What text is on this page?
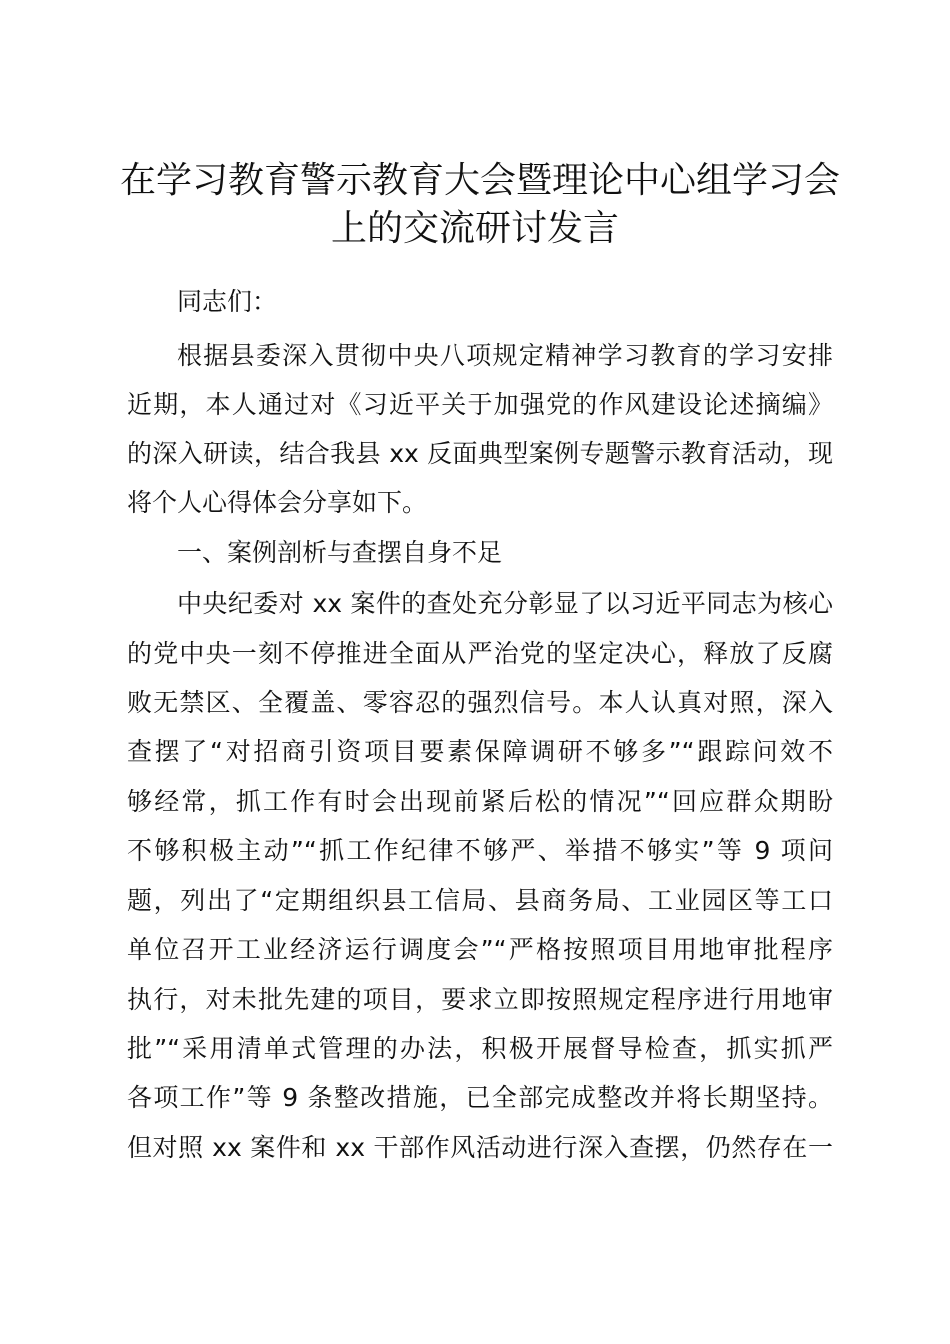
在学习教育警示教育大会暨理论中心组学习会
上的交流研讨发言
同志们：
根据县委深入贯彻中央八项规定精神学习教育的学习安排
近期，本人通过对《习近平关于加强党的作风建设论述摘编》
的深入研读，结合我县 xx 反面典型案例专题警示教育活动，现
将个人心得体会分享如下。
一、案例剖析与查摆自身不足
中央纪委对 xx 案件的查处充分彰显了以习近平同志为核心
的党中央一刻不停推进全面从严治党的坚定决心，释放了反腐
败无禁区、全覆盖、零容忍的强烈信号。本人认真对照，深入
查摆了“对招商引资项目要素保障调研不够多”“跟踪问效不
够经常，抓工作有时会出现前紧后松的情况”“回应群众期盼
不够积极主动”“抓工作纪律不够严、举措不够实”等 9 项问
题，列出了“定期组织县工信局、县商务局、工业园区等工口
单位召开工业经济运行调度会”“严格按照项目用地审批程序
执行，对未批先建的项目，要求立即按照规定程序进行用地审
批”“采用清单式管理的办法，积极开展督导检查，抓实抓严
各项工作”等 9 条整改措施，已全部完成整改并将长期坚持。
但对照 xx 案件和 xx 干部作风活动进行深入查摆，仍然存在一
